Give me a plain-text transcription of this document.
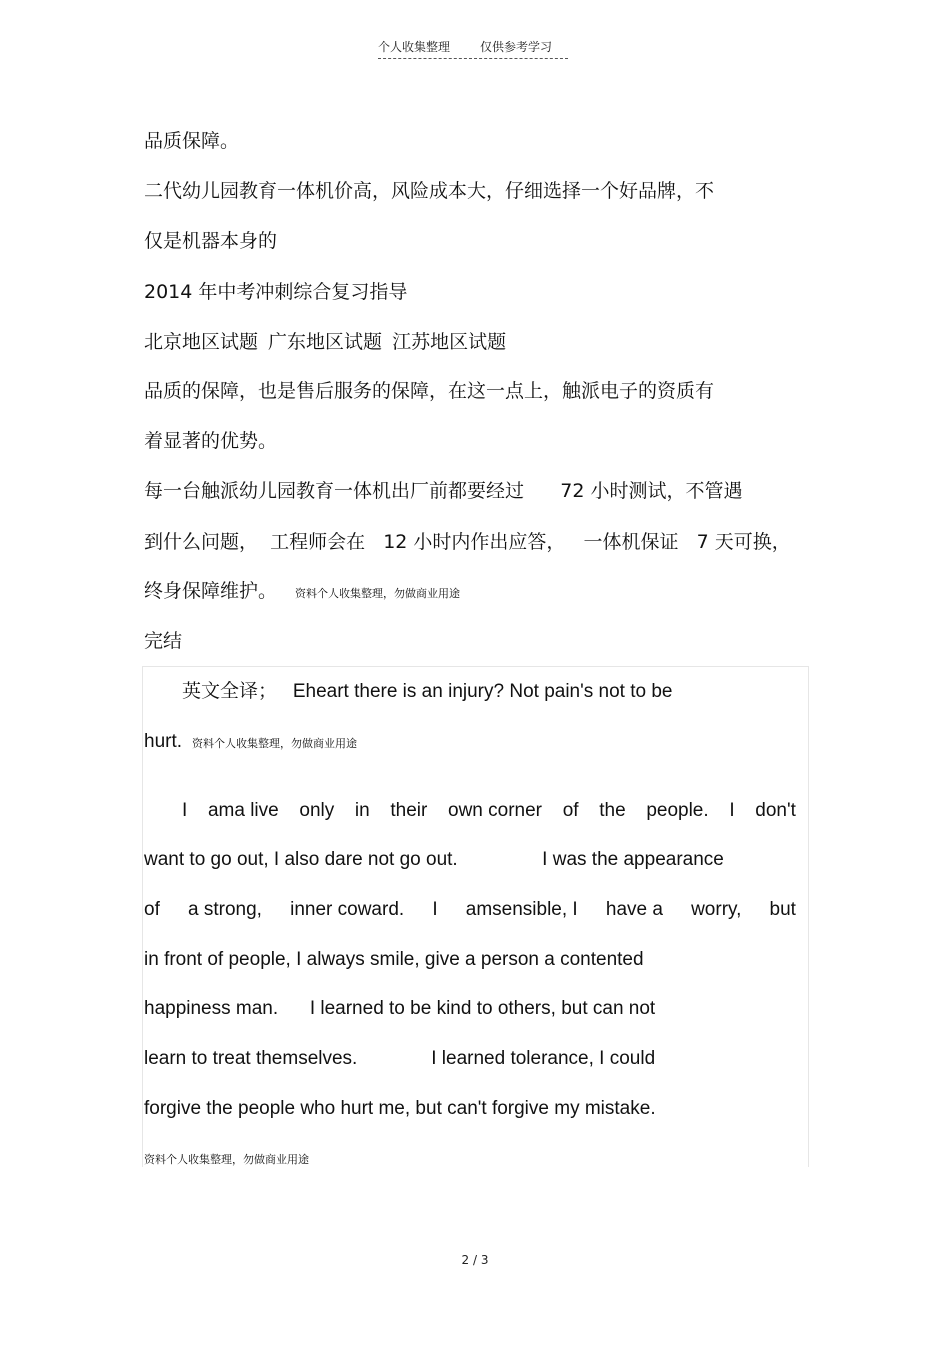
个人收集整理	仅供参考学习
品质保障。
二代幼儿园教育一体机价高，风险成本大，仔细选择一个好品牌，不
仅是机器本身的
2014 年中考冲刺综合复习指导
北京地区试题 广东地区试题 江苏地区试题
品质的保障，也是售后服务的保障，在这一点上，触派电子的资质有
着显著的优势。
每一台触派幼儿园教育一体机出厂前都要经过      72 小时测试，不管遇
到什么问题，  工程师会在   12 小时内作出应答，   一体机保证   7 天可换，
终身保障维护。 资料个人收集整理，勿做商业用途
完结
英文全译；   Eheart there is an injury? Not pain's not to be
hurt. 资料个人收集整理，勿做商业用途
I ama live only in their own corner of the people. I don't
want to go out, I also dare not go out.                I was the appearance
of a strong, inner coward. I amsensible, I have a worry, but
in front of people, I always smile, give a person a contented
happiness man.      I learned to be kind to others, but can not
learn to treat themselves.              I learned tolerance, I could
forgive the people who hurt me, but can't forgive my mistake.
资料个人收集整理，勿做商业用途
2 / 3
